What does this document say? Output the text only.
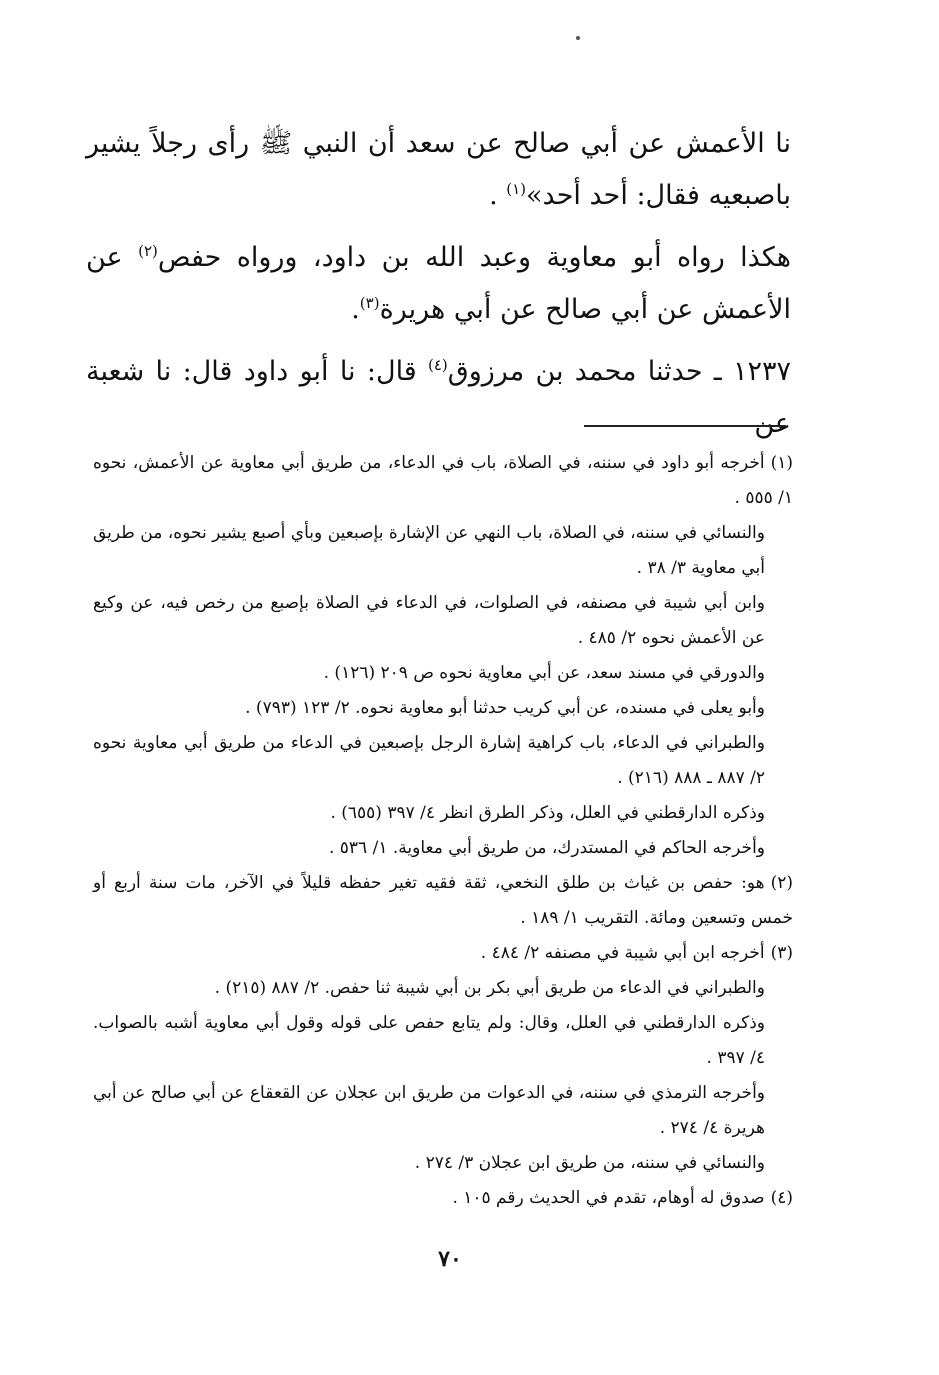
نا الأعمش عن أبي صالح عن سعد أن النبي ﷺ رأى رجلاً يشير باصبعيه فقال: أحد أحد»$^{(١)}$ .

هكذا رواه أبو معاوية وعبد الله بن داود، ورواه حفص$^{(٢)}$ عن الأعمش عن أبي صالح عن أبي هريرة$^{(٣)}$.

١٢٣٧ ـ حدثنا محمد بن مرزوق$^{(٤)}$ قال: نا أبو داود قال: نا شعبة عن

(١)أخرجه أبو داود في سننه، في الصلاة، باب في الدعاء، من طريق أبي معاوية عن الأعمش، نحوه ١/ ٥٥٥ .

والنسائي في سننه، في الصلاة، باب النهي عن الإشارة بإصبعين وبأي أصبع يشير نحوه، من طريق أبي معاوية ٣/ ٣٨ .

وابن أبي شيبة في مصنفه، في الصلوات، في الدعاء في الصلاة بإصبع من رخص فيه، عن وكيع عن الأعمش نحوه ٢/ ٤٨٥ .

والدورقي في مسند سعد، عن أبي معاوية نحوه ص ٢٠٩ (١٢٦) .

وأبو يعلى في مسنده، عن أبي كريب حدثنا أبو معاوية نحوه. ٢/ ١٢٣ (٧٩٣) .

والطبراني في الدعاء، باب كراهية إشارة الرجل بإصبعين في الدعاء من طريق أبي معاوية نحوه ٢/ ٨٨٧ ـ ٨٨٨ (٢١٦) .

وذكره الدارقطني في العلل، وذكر الطرق انظر ٤/ ٣٩٧ (٦٥٥) .

وأخرجه الحاكم في المستدرك، من طريق أبي معاوية. ١/ ٥٣٦ .

(٢)هو: حفص بن غياث بن طلق النخعي، ثقة فقيه تغير حفظه قليلاً في الآخر، مات سنة أربع أو خمس وتسعين ومائة. التقريب ١/ ١٨٩ .

(٣)أخرجه ابن أبي شيبة في مصنفه ٢/ ٤٨٤ .

والطبراني في الدعاء من طريق أبي بكر بن أبي شيبة ثنا حفص. ٢/ ٨٨٧ (٢١٥) .

وذكره الدارقطني في العلل، وقال: ولم يتابع حفص على قوله وقول أبي معاوية أشبه بالصواب. ٤/ ٣٩٧ .

وأخرجه الترمذي في سننه، في الدعوات من طريق ابن عجلان عن القعقاع عن أبي صالح عن أبي هريرة ٤/ ٢٧٤ .

والنسائي في سننه، من طريق ابن عجلان ٣/ ٢٧٤ .

(٤)صدوق له أوهام، تقدم في الحديث رقم ١٠٥ .

٧٠
